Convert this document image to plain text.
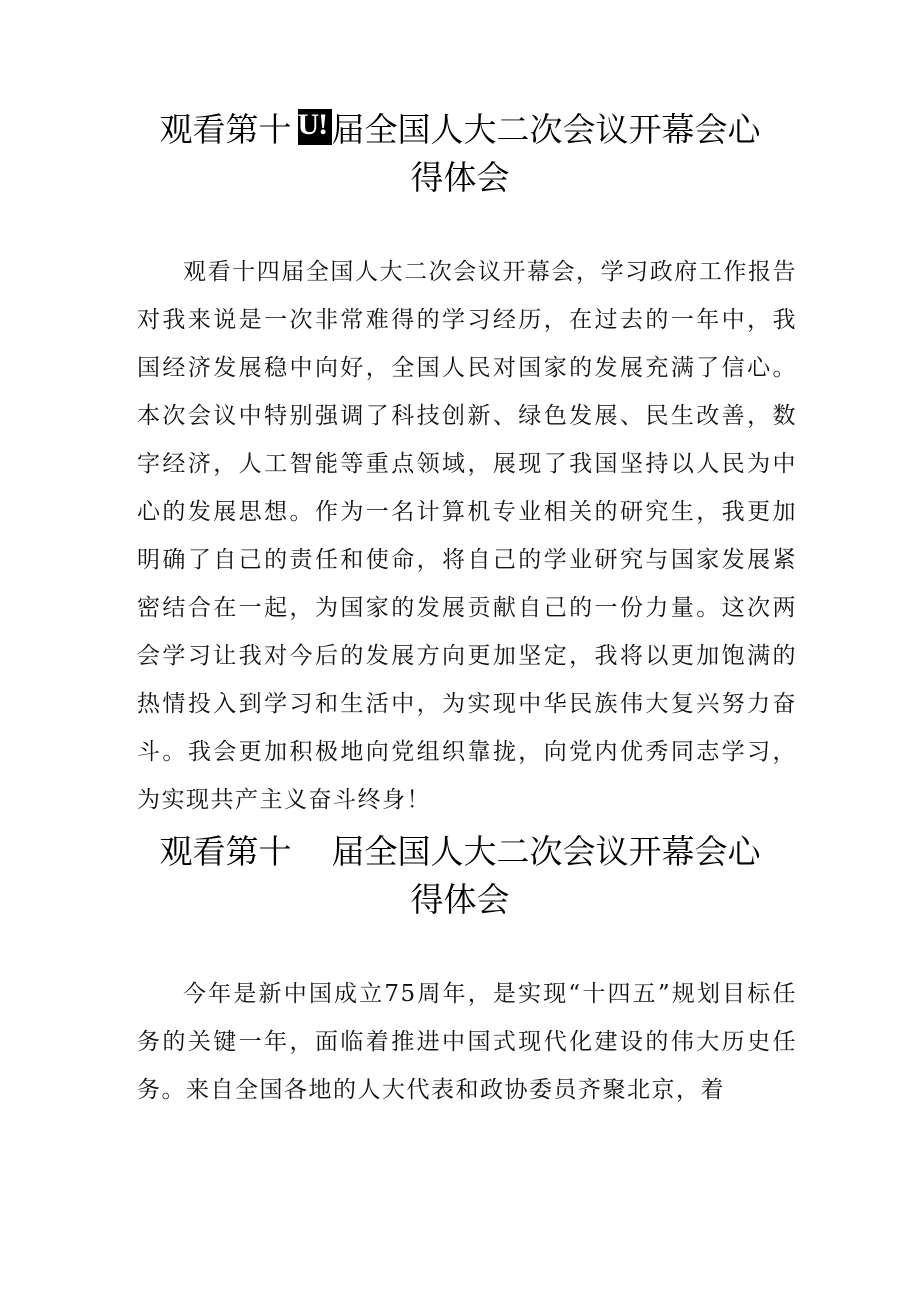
观看第十 U! 届全国人大二次会议开幕会心
得体会

观看十四届全国人大二次会议开幕会，学习政府工作报告对我来说是一次非常难得的学习经历，在过去的一年中，我国经济发展稳中向好，全国人民对国家的发展充满了信心。本次会议中特别强调了科技创新、绿色发展、民生改善，数字经济，人工智能等重点领域，展现了我国坚持以人民为中心的发展思想。作为一名计算机专业相关的研究生，我更加明确了自己的责任和使命，将自己的学业研究与国家发展紧密结合在一起，为国家的发展贡献自己的一份力量。这次两会学习让我对今后的发展方向更加坚定，我将以更加饱满的热情投入到学习和生活中，为实现中华民族伟大复兴努力奋斗。我会更加积极地向党组织靠拢，向党内优秀同志学习，为实现共产主义奋斗终身！

观看第十 届全国人大二次会议开幕会心
得体会

今年是新中国成立75周年，是实现“十四五”规划目标任务的关键一年，面临着推进中国式现代化建设的伟大历史任务。来自全国各地的人大代表和政协委员齐聚北京，着
